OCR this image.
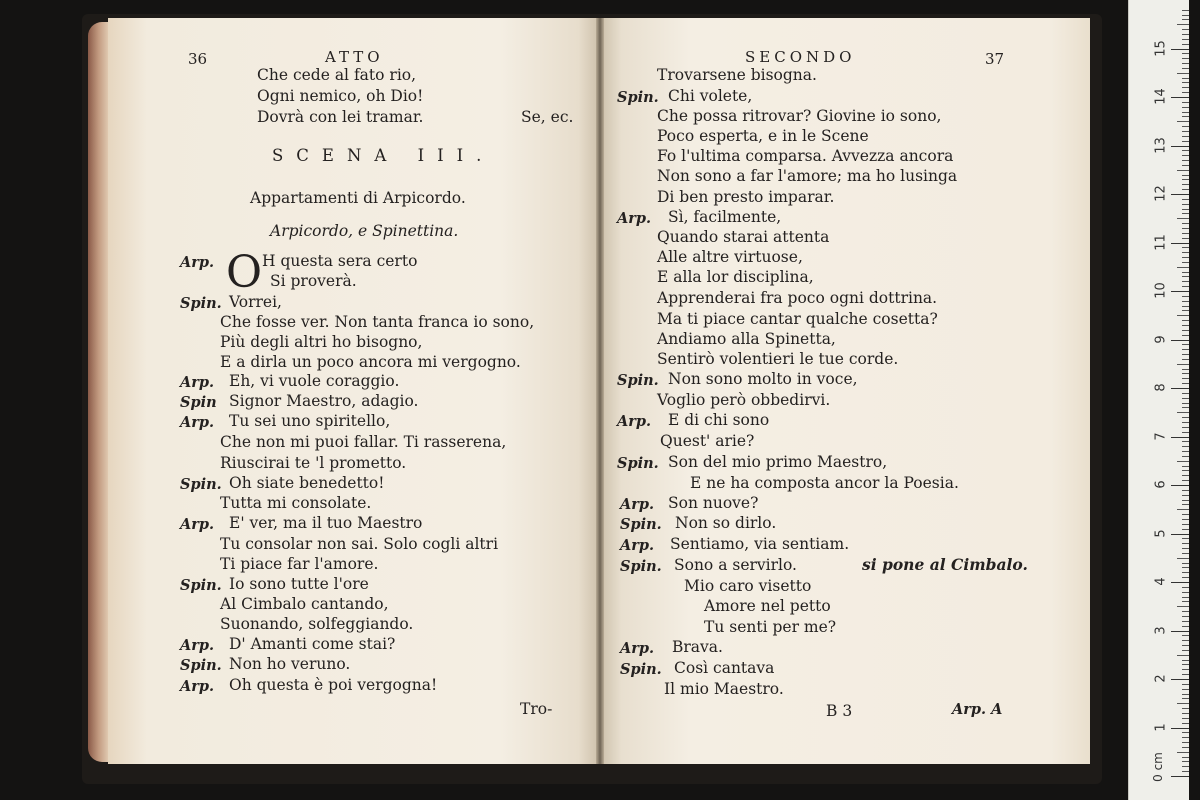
0 cm
1
2
3
4
5
6
7
8
9
10
11
12
13
14
15
36	ATTO
Che cede al fato rio,
Ogni nemico, oh Dio!
Dovrà con lei tramar.	Se, ec.
SCENA III.
Appartamenti di Arpicordo.
Arpicordo, e Spinettina.
O
Arp.	H questa sera certo
Si proverà.
Spin. Vorrei,
Che fosse ver. Non tanta franca io sono,
Più degli altri ho bisogno,
E a dirla un poco ancora mi vergogno.
Arp. Eh, vi vuole coraggio.
Spin Signor Maestro, adagio.
Arp. Tu sei uno spiritello,
Che non mi puoi fallar. Ti rasserena,
Riuscirai te 'l prometto.
Spin. Oh siate benedetto!
Tutta mi consolate.
Arp. E' ver, ma il tuo Maestro
Tu consolar non sai. Solo cogli altri
Ti piace far l'amore.
Spin. Io sono tutte l'ore
Al Cimbalo cantando,
Suonando, solfeggiando.
Arp. D' Amanti come stai?
Spin. Non ho veruno.
Arp. Oh questa è poi vergogna!
Tro-
SECONDO	37
Trovarsene bisogna.
Spin. Chi volete,
Che possa ritrovar? Giovine io sono,
Poco esperta, e in le Scene
Fo l'ultima comparsa. Avvezza ancora
Non sono a far l'amore; ma ho lusinga
Di ben presto imparar.
Arp. Sì, facilmente,
Quando starai attenta
Alle altre virtuose,
E alla lor disciplina,
Apprenderai fra poco ogni dottrina.
Ma ti piace cantar qualche cosetta?
Andiamo alla Spinetta,
Sentirò volentieri le tue corde.
Spin. Non sono molto in voce,
Voglio però obbedirvi.
Arp. E di chi sono
Quest' arie?
Spin. Son del mio primo Maestro,
E ne ha composta ancor la Poesia.
Arp. Son nuove?
Spin. Non so dirlo.
Arp. Sentiamo, via sentiam.
Spin. Sono a servirlo.	si pone al Cimbalo.
Mio caro visetto
Amore nel petto
Tu senti per me?
Arp. Brava.
Spin. Così cantava
Il mio Maestro.
B 3	Arp. A
